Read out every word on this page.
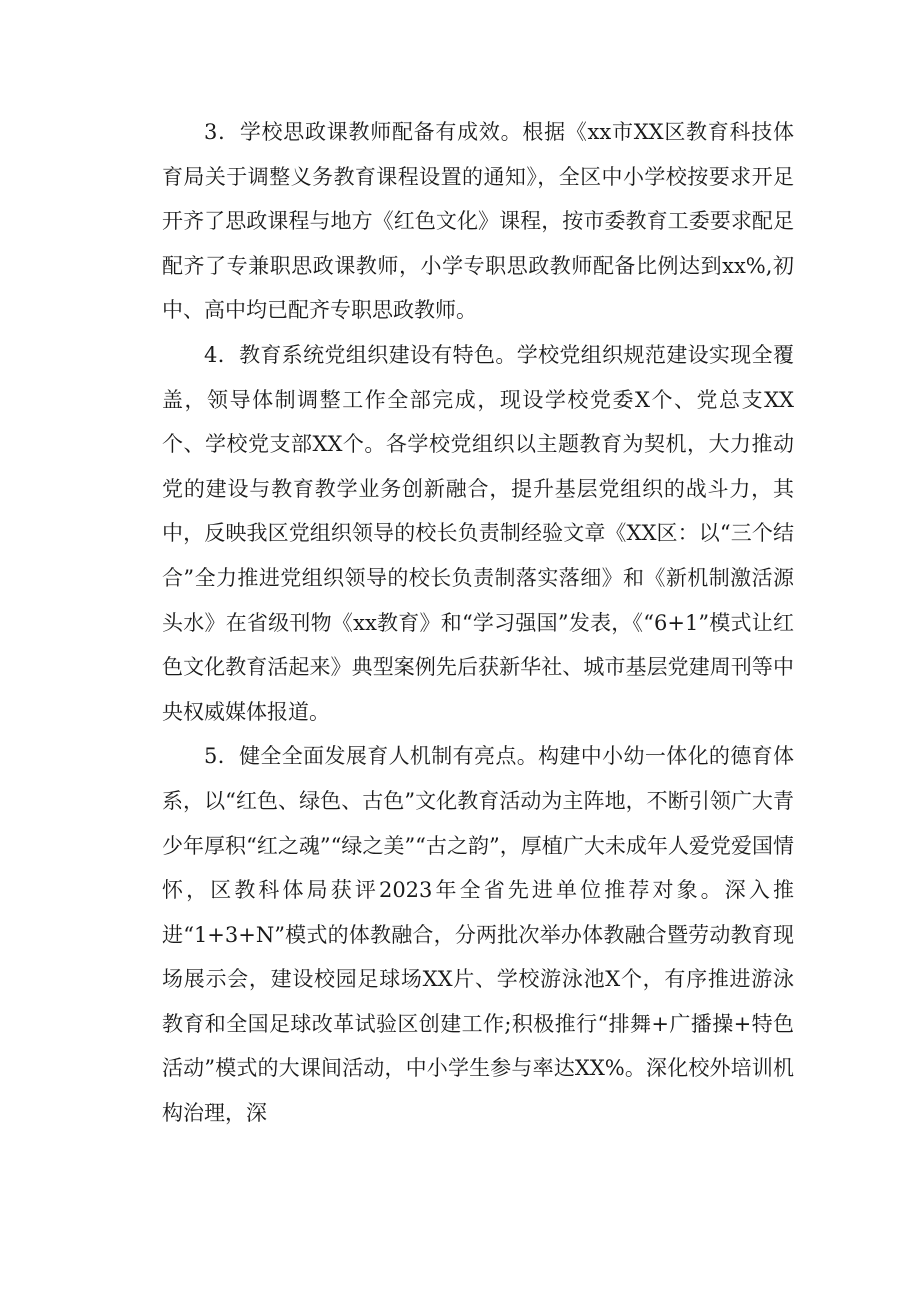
3．学校思政课教师配备有成效。根据《xx市XX区教育科技体育局关于调整义务教育课程设置的通知》，全区中小学校按要求开足开齐了思政课程与地方《红色文化》课程，按市委教育工委要求配足配齐了专兼职思政课教师，小学专职思政教师配备比例达到xx%,初中、高中均已配齐专职思政教师。

4．教育系统党组织建设有特色。学校党组织规范建设实现全覆盖，领导体制调整工作全部完成，现设学校党委X个、党总支XX个、学校党支部XX个。各学校党组织以主题教育为契机，大力推动党的建设与教育教学业务创新融合，提升基层党组织的战斗力，其中，反映我区党组织领导的校长负责制经验文章《XX区：以“三个结合”全力推进党组织领导的校长负责制落实落细》和《新机制激活源头水》在省级刊物《xx教育》和“学习强国”发表，《“6+1”模式让红色文化教育活起来》典型案例先后获新华社、城市基层党建周刊等中央权威媒体报道。

5．健全全面发展育人机制有亮点。构建中小幼一体化的德育体系，以“红色、绿色、古色”文化教育活动为主阵地，不断引领广大青少年厚积“红之魂”“绿之美”“古之韵”，厚植广大未成年人爱党爱国情怀，区教科体局获评2023年全省先进单位推荐对象。深入推进“1+3+N”模式的体教融合，分两批次举办体教融合暨劳动教育现场展示会，建设校园足球场XX片、学校游泳池X个，有序推进游泳教育和全国足球改革试验区创建工作;积极推行“排舞+广播操+特色活动”模式的大课间活动，中小学生参与率达XX%。深化校外培训机构治理，深
